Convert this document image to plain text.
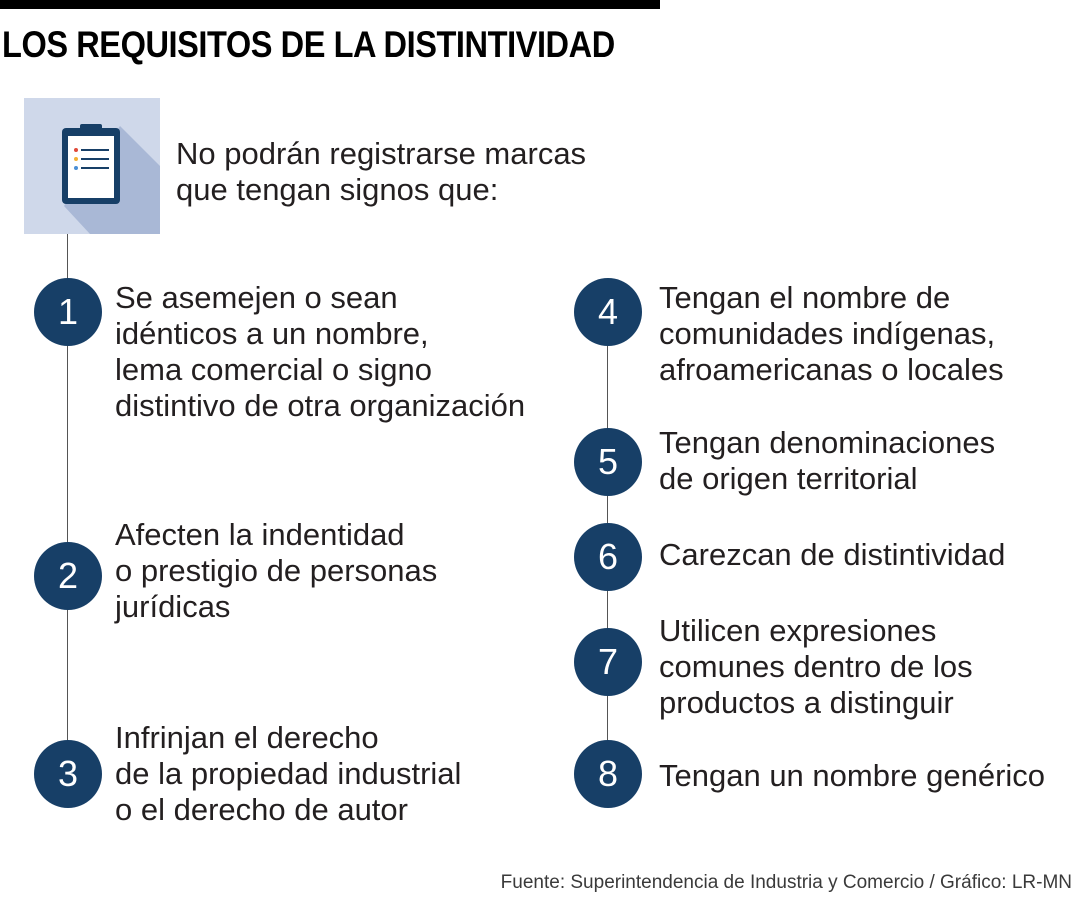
LOS REQUISITOS DE LA DISTINTIVIDAD
No podrán registrarse marcas
que tengan signos que:
1	Se asemejen o sean
idénticos a un nombre,
lema comercial o signo
distintivo de otra organización
2
Afecten la indentidad
o prestigio de personas
jurídicas
3
Infrinjan el derecho
de la propiedad industrial
o el derecho de autor
4	Tengan el nombre de
comunidades indígenas,
afroamericanas o locales
5	Tengan denominaciones
de origen territorial
6	Carezcan de distintividad
7
Utilicen expresiones
comunes dentro de los
productos a distinguir
8	Tengan un nombre genérico
Fuente: Superintendencia de Industria y Comercio / Gráfico: LR-MN
